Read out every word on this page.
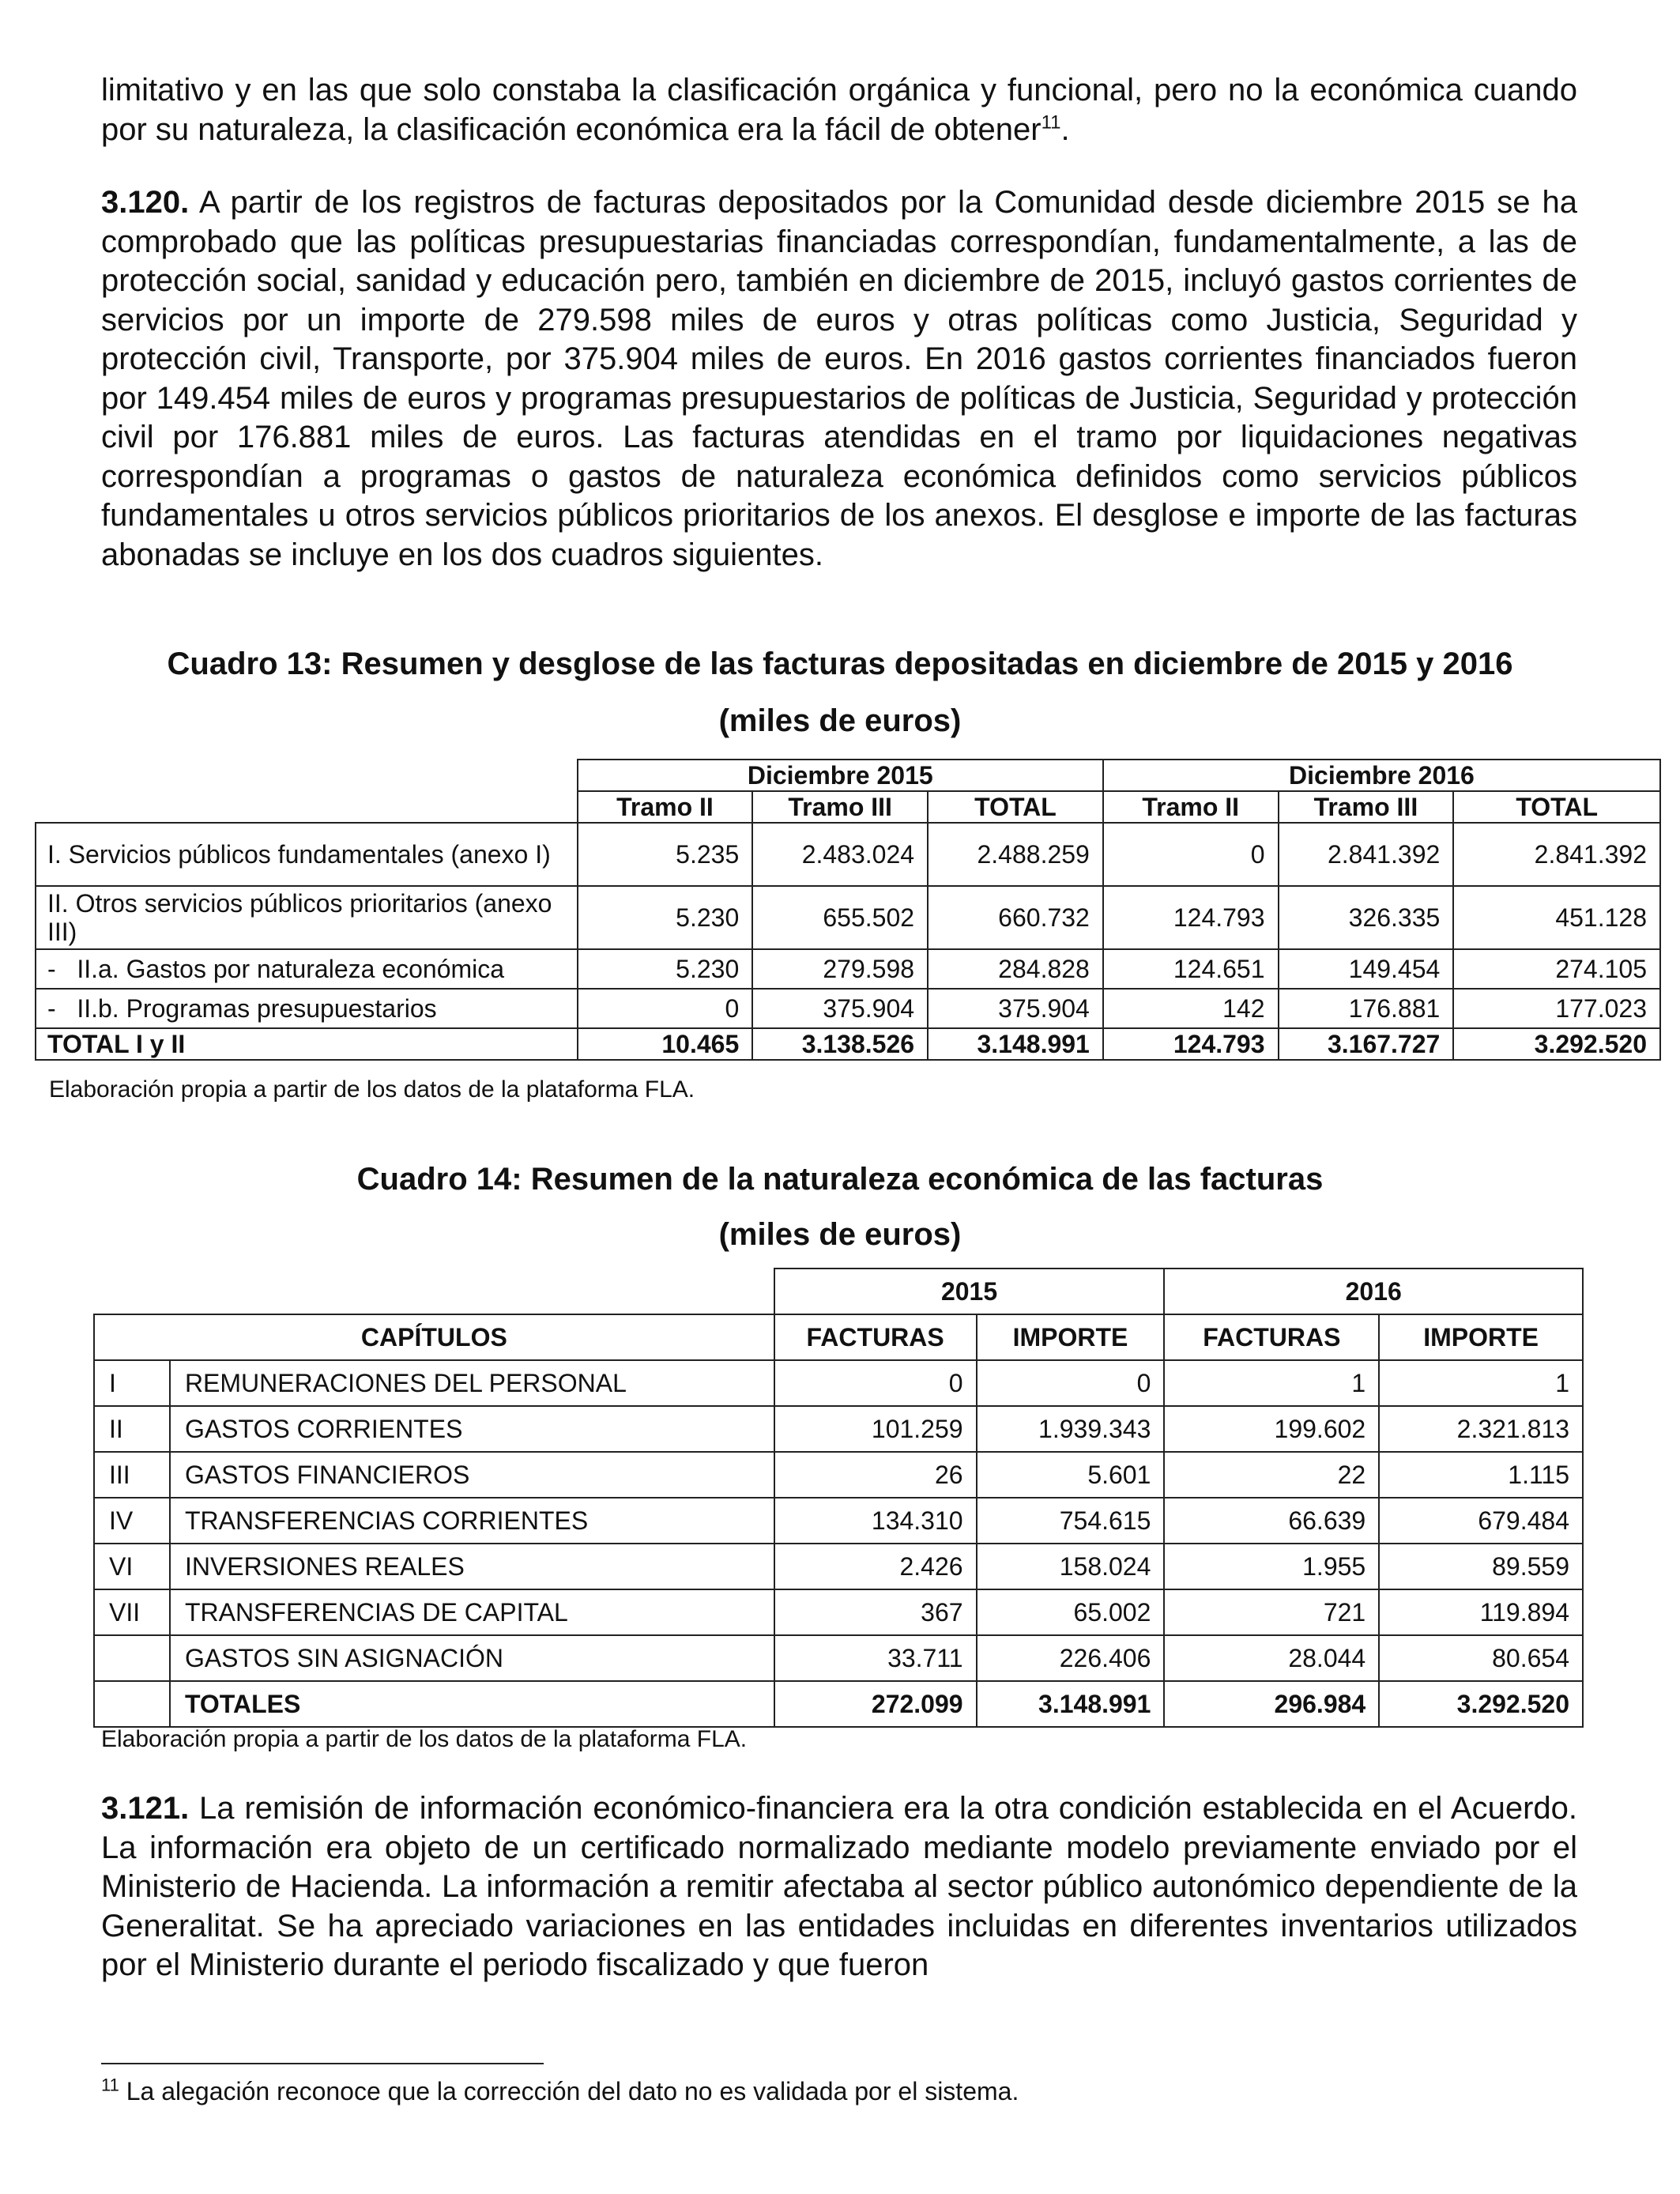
limitativo y en las que solo constaba la clasificación orgánica y funcional, pero no la económica cuando por su naturaleza, la clasificación económica era la fácil de obtener$^{11}$.

3.120. A partir de los registros de facturas depositados por la Comunidad desde diciembre 2015 se ha comprobado que las políticas presupuestarias financiadas correspondían, fundamentalmente, a las de protección social, sanidad y educación pero, también en diciembre de 2015, incluyó gastos corrientes de servicios por un importe de 279.598 miles de euros y otras políticas como Justicia, Seguridad y protección civil, Transporte, por 375.904 miles de euros. En 2016 gastos corrientes financiados fueron por 149.454 miles de euros y programas presupuestarios de políticas de Justicia, Seguridad y protección civil por 176.881 miles de euros. Las facturas atendidas en el tramo por liquidaciones negativas correspondían a programas o gastos de naturaleza económica definidos como servicios públicos fundamentales u otros servicios públicos prioritarios de los anexos. El desglose e importe de las facturas abonadas se incluye en los dos cuadros siguientes.

Cuadro 13: Resumen y desglose de las facturas depositadas en diciembre de 2015 y 2016

(miles de euros)

	Diciembre 2015			Diciembre 2016		
	Tramo II	Tramo III	TOTAL	Tramo II	Tramo III	TOTAL
I. Servicios públicos fundamentales (anexo I)	5.235	2.483.024	2.488.259	0	2.841.392	2.841.392
II. Otros servicios públicos prioritarios (anexo III)	5.230	655.502	660.732	124.793	326.335	451.128
-   II.a. Gastos por naturaleza económica	5.230	279.598	284.828	124.651	149.454	274.105
-   II.b. Programas presupuestarios	0	375.904	375.904	142	176.881	177.023
TOTAL I y II	10.465	3.138.526	3.148.991	124.793	3.167.727	3.292.520

Elaboración propia a partir de los datos de la plataforma FLA.

Cuadro 14: Resumen de la naturaleza económica de las facturas

(miles de euros)

		2015		2016	
CAPÍTULOS		FACTURAS	IMPORTE	FACTURAS	IMPORTE
I	REMUNERACIONES DEL PERSONAL	0	0	1	1
II	GASTOS CORRIENTES	101.259	1.939.343	199.602	2.321.813
III	GASTOS FINANCIEROS	26	5.601	22	1.115
IV	TRANSFERENCIAS CORRIENTES	134.310	754.615	66.639	679.484
VI	INVERSIONES REALES	2.426	158.024	1.955	89.559
VII	TRANSFERENCIAS DE CAPITAL	367	65.002	721	119.894
	GASTOS SIN ASIGNACIÓN	33.711	226.406	28.044	80.654
	TOTALES	272.099	3.148.991	296.984	3.292.520

Elaboración propia a partir de los datos de la plataforma FLA.

3.121. La remisión de información económico-financiera era la otra condición establecida en el Acuerdo. La información era objeto de un certificado normalizado mediante modelo previamente enviado por el Ministerio de Hacienda. La información a remitir afectaba al sector público autonómico dependiente de la Generalitat. Se ha apreciado variaciones en las entidades incluidas en diferentes inventarios utilizados por el Ministerio durante el periodo fiscalizado y que fueron

$^{11}$ La alegación reconoce que la corrección del dato no es validada por el sistema.
